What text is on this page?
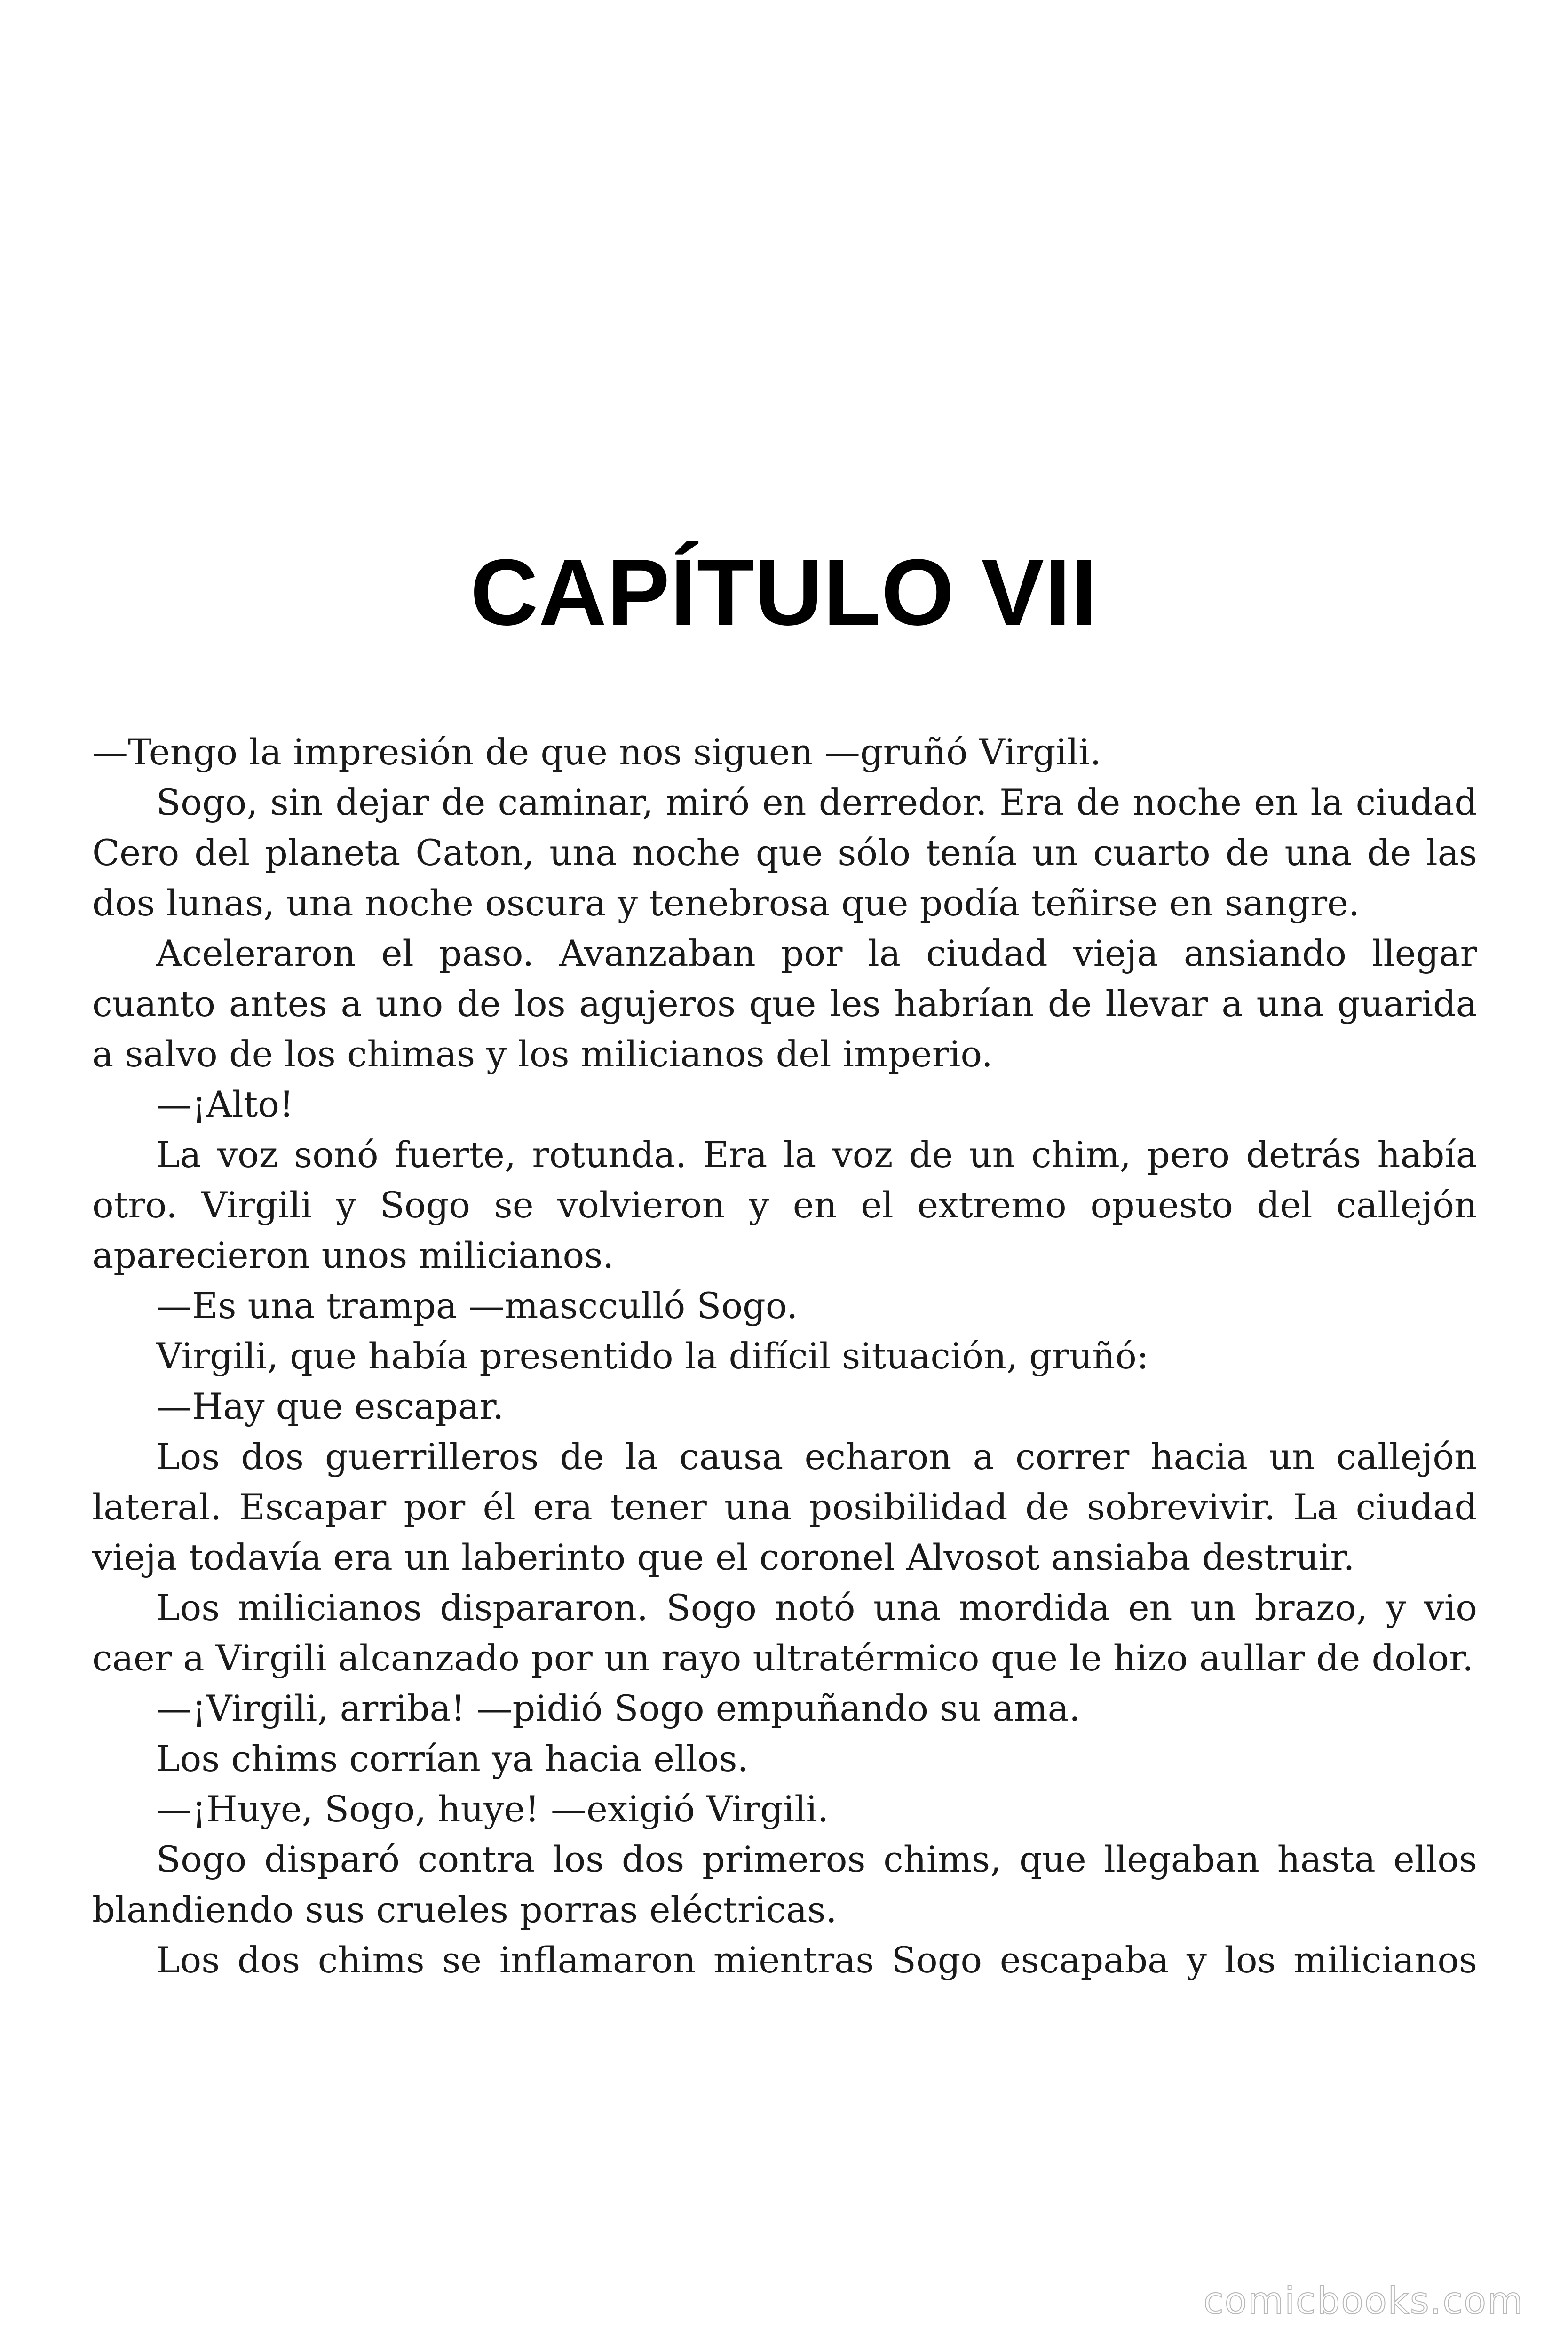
CAPÍTULO VII

—Tengo la impresión de que nos siguen —gruñó Virgili.

Sogo, sin dejar de caminar, miró en derredor. Era de noche en la ciudad Cero del planeta Caton, una noche que sólo tenía un cuarto de una de las dos lunas, una noche oscura y tenebrosa que podía teñirse en sangre.

Aceleraron el paso. Avanzaban por la ciudad vieja ansiando llegar cuanto antes a uno de los agujeros que les habrían de llevar a una guarida a salvo de los chimas y los milicianos del imperio.

—¡Alto!

La voz sonó fuerte, rotunda. Era la voz de un chim, pero detrás había otro. Virgili y Sogo se volvieron y en el extremo opuesto del callejón aparecieron unos milicianos.

—Es una trampa —mascculló Sogo.

Virgili, que había presentido la difícil situación, gruñó:

—Hay que escapar.

Los dos guerrilleros de la causa echaron a correr hacia un callejón lateral. Escapar por él era tener una posibilidad de sobrevivir. La ciudad vieja todavía era un laberinto que el coronel Alvosot ansiaba destruir.

Los milicianos dispararon. Sogo notó una mordida en un brazo, y vio caer a Virgili alcanzado por un rayo ultratérmico que le hizo aullar de dolor.

—¡Virgili, arriba! —pidió Sogo empuñando su ama.

Los chims corrían ya hacia ellos.

—¡Huye, Sogo, huye! —exigió Virgili.

Sogo disparó contra los dos primeros chims, que llegaban hasta ellos blandiendo sus crueles porras eléctricas.

Los dos chims se inflamaron mientras Sogo escapaba y los milicianos

comicbooks.com
